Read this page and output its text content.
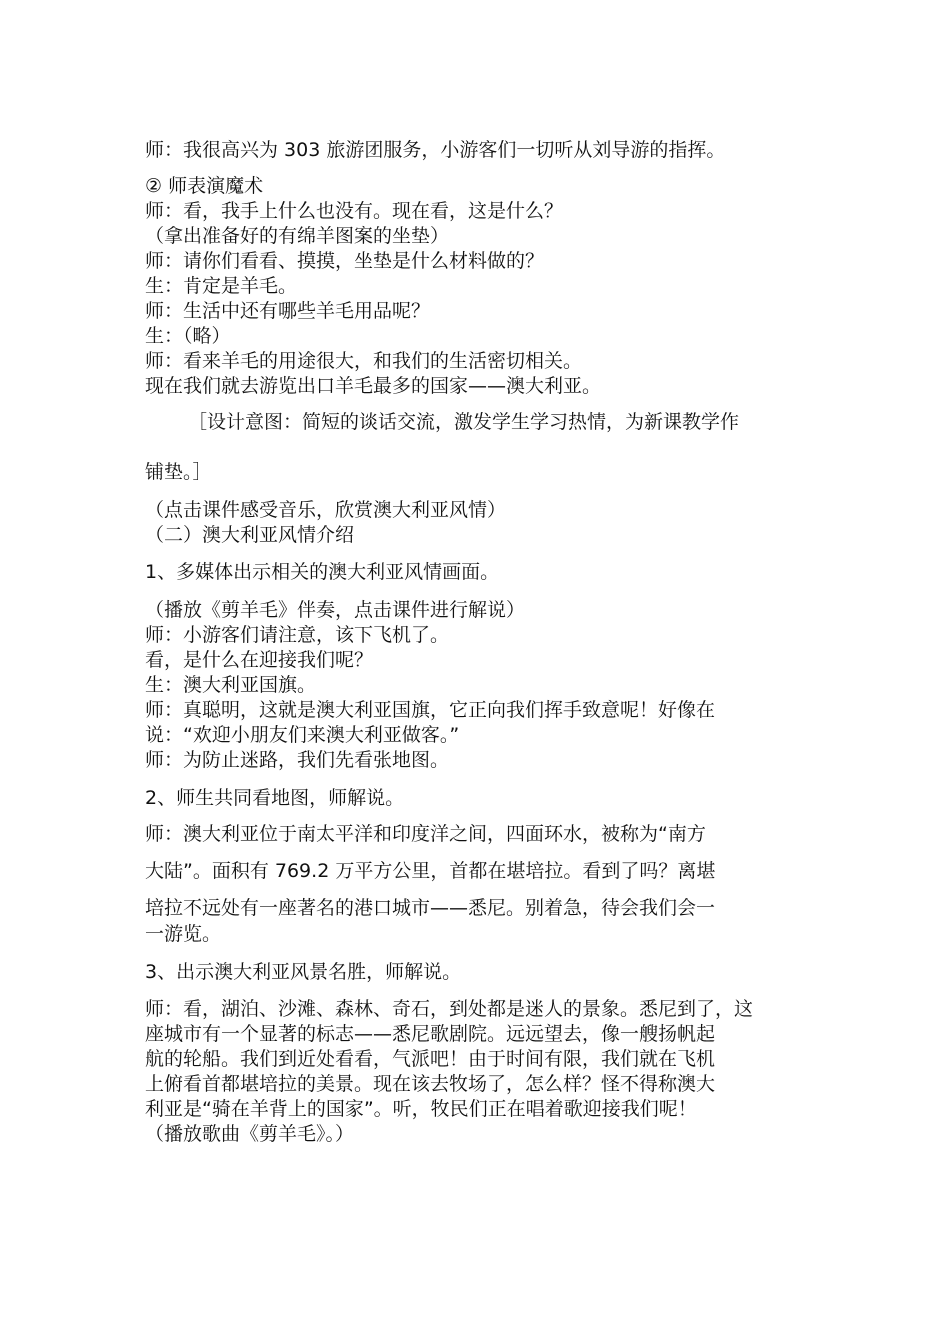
师：我很高兴为 303 旅游团服务，小游客们一切听从刘导游的指挥。
② 师表演魔术
师：看，我手上什么也没有。现在看，这是什么？
（拿出准备好的有绵羊图案的坐垫）
师：请你们看看、摸摸，坐垫是什么材料做的？
生：肯定是羊毛。
师：生活中还有哪些羊毛用品呢？
生：（略）
师：看来羊毛的用途很大，和我们的生活密切相关。
现在我们就去游览出口羊毛最多的国家——澳大利亚。
［设计意图：简短的谈话交流，激发学生学习热情，为新课教学作
铺垫。］
（点击课件感受音乐，欣赏澳大利亚风情）
（二）澳大利亚风情介绍
1、多媒体出示相关的澳大利亚风情画面。
（播放《剪羊毛》伴奏，点击课件进行解说）
师：小游客们请注意，该下飞机了。
看，是什么在迎接我们呢？
生：澳大利亚国旗。
师：真聪明，这就是澳大利亚国旗，它正向我们挥手致意呢！好像在
说：“欢迎小朋友们来澳大利亚做客。”
师：为防止迷路，我们先看张地图。
2、师生共同看地图，师解说。
师：澳大利亚位于南太平洋和印度洋之间，四面环水，被称为“南方
大陆”。面积有 769.2 万平方公里，首都在堪培拉。看到了吗？离堪
培拉不远处有一座著名的港口城市——悉尼。别着急，待会我们会一
一游览。
3、出示澳大利亚风景名胜，师解说。
师：看，湖泊、沙滩、森林、奇石，到处都是迷人的景象。悉尼到了，这
座城市有一个显著的标志——悉尼歌剧院。远远望去，像一艘扬帆起
航的轮船。我们到近处看看，气派吧！由于时间有限，我们就在飞机
上俯看首都堪培拉的美景。现在该去牧场了，怎么样？怪不得称澳大
利亚是“骑在羊背上的国家”。听，牧民们正在唱着歌迎接我们呢！
（播放歌曲《剪羊毛》。）
